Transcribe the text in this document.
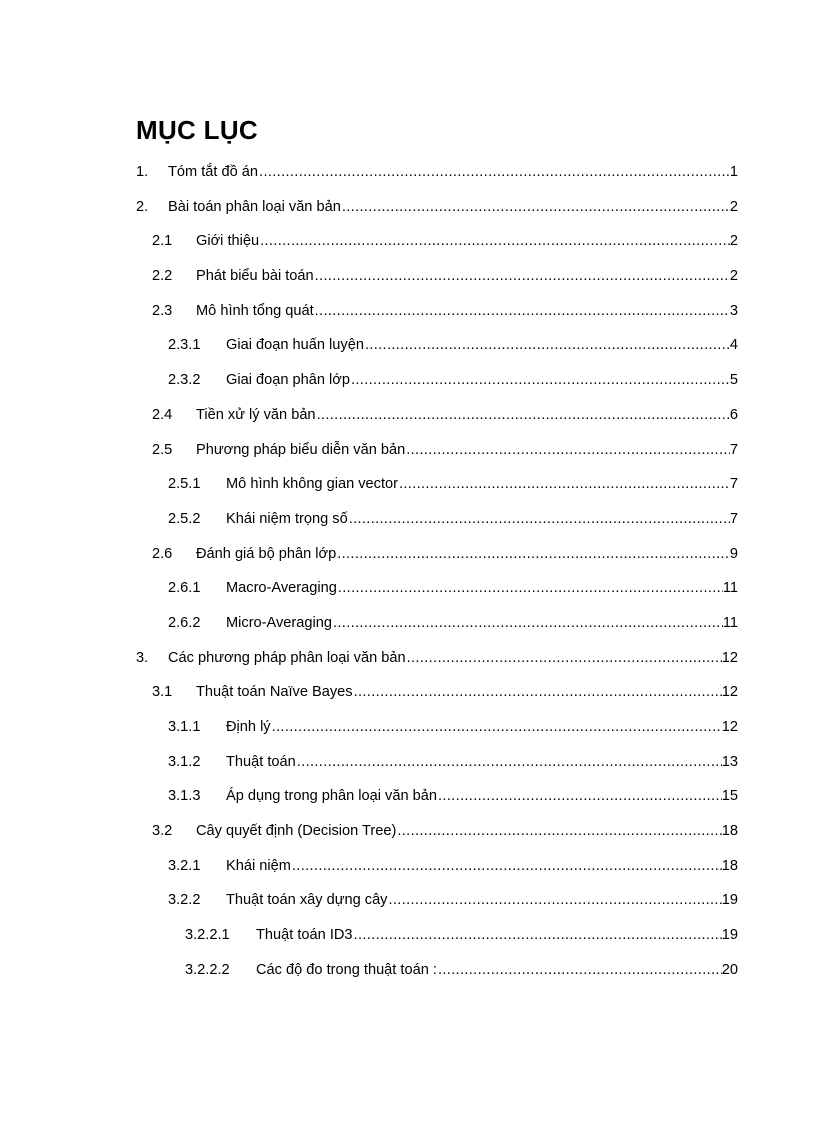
MỤC LỤC
1. Tóm tắt đồ án .....	1
2. Bài toán phân loại văn bản .....	2
2.1 Giới thiệu .....	2
2.2 Phát biểu bài toán .....	2
2.3 Mô hình tổng quát .....	3
2.3.1 Giai đoạn huấn luyện .....	4
2.3.2 Giai đoạn phân lớp .....	5
2.4 Tiền xử lý văn bản .....	6
2.5 Phương pháp biểu diễn văn bản .....	7
2.5.1 Mô hình không gian vector .....	7
2.5.2 Khái niệm trọng số .....	7
2.6 Đánh giá bộ phân lớp .....	9
2.6.1 Macro-Averaging .....	11
2.6.2 Micro-Averaging .....	11
3. Các phương pháp phân loại văn bản .....	12
3.1 Thuật toán Naïve Bayes .....	12
3.1.1 Định lý .....	12
3.1.2 Thuật toán .....	13
3.1.3 Áp dụng trong phân loại văn bản .....	15
3.2 Cây quyết định (Decision Tree) .....	18
3.2.1 Khái niệm .....	18
3.2.2 Thuật toán xây dựng cây .....	19
3.2.2.1 Thuật toán ID3 .....	19
3.2.2.2 Các độ đo trong thuật toán : .....	20
